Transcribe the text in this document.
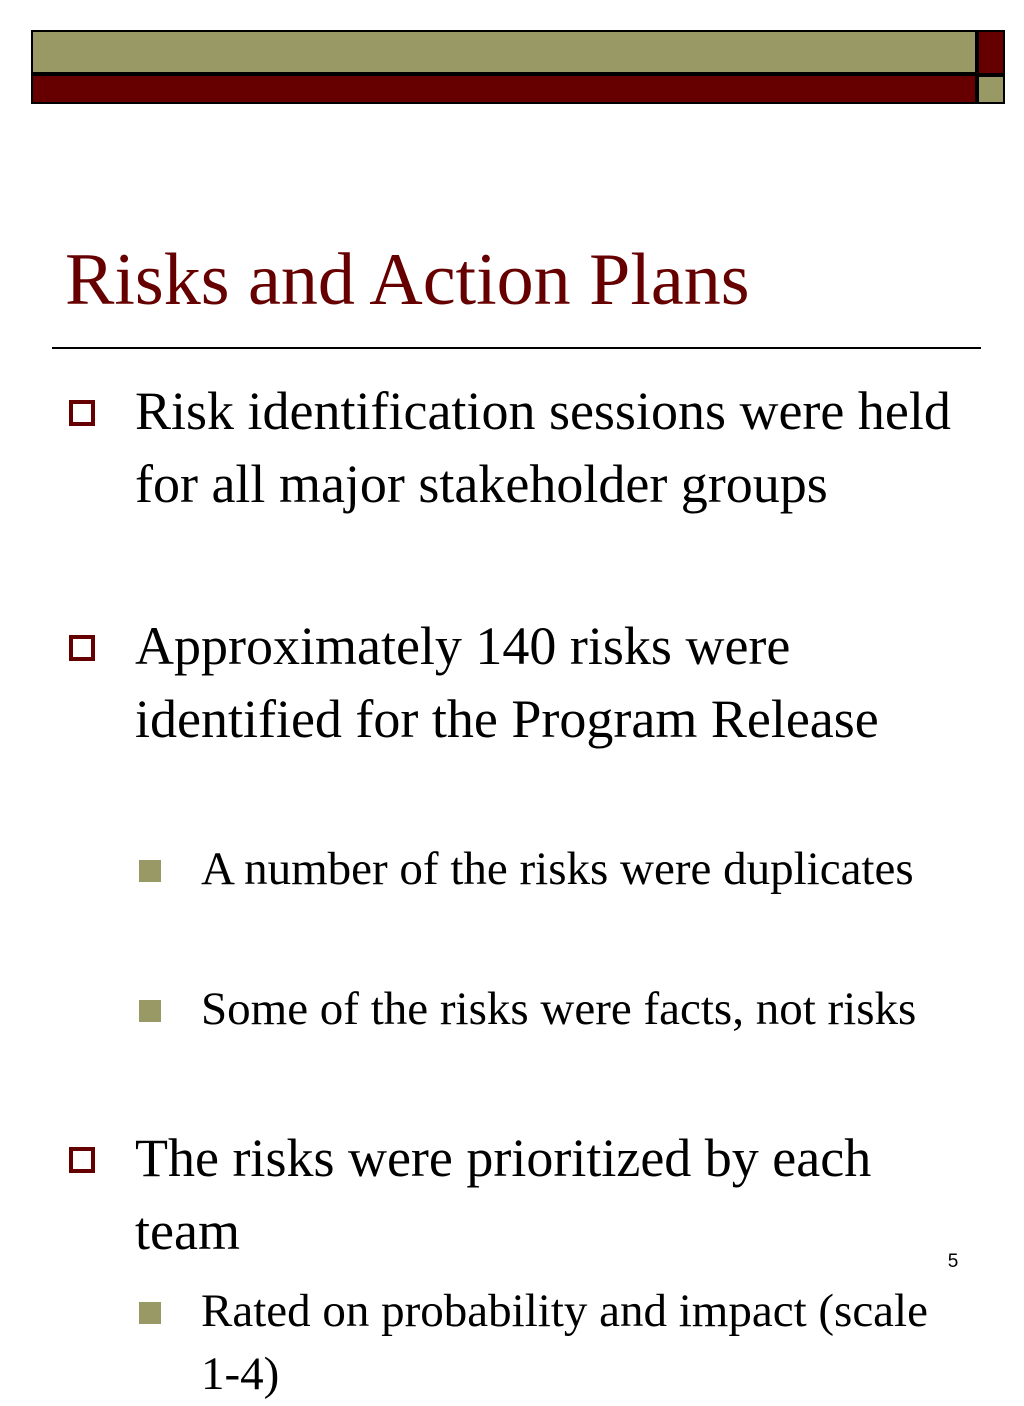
Risks and Action Plans
Risk identification sessions were held for all major stakeholder groups
Approximately 140 risks were identified for the Program Release
A number of the risks were duplicates
Some of the risks were facts, not risks
The risks were prioritized by each team
Rated on probability and impact (scale 1-4)
5
